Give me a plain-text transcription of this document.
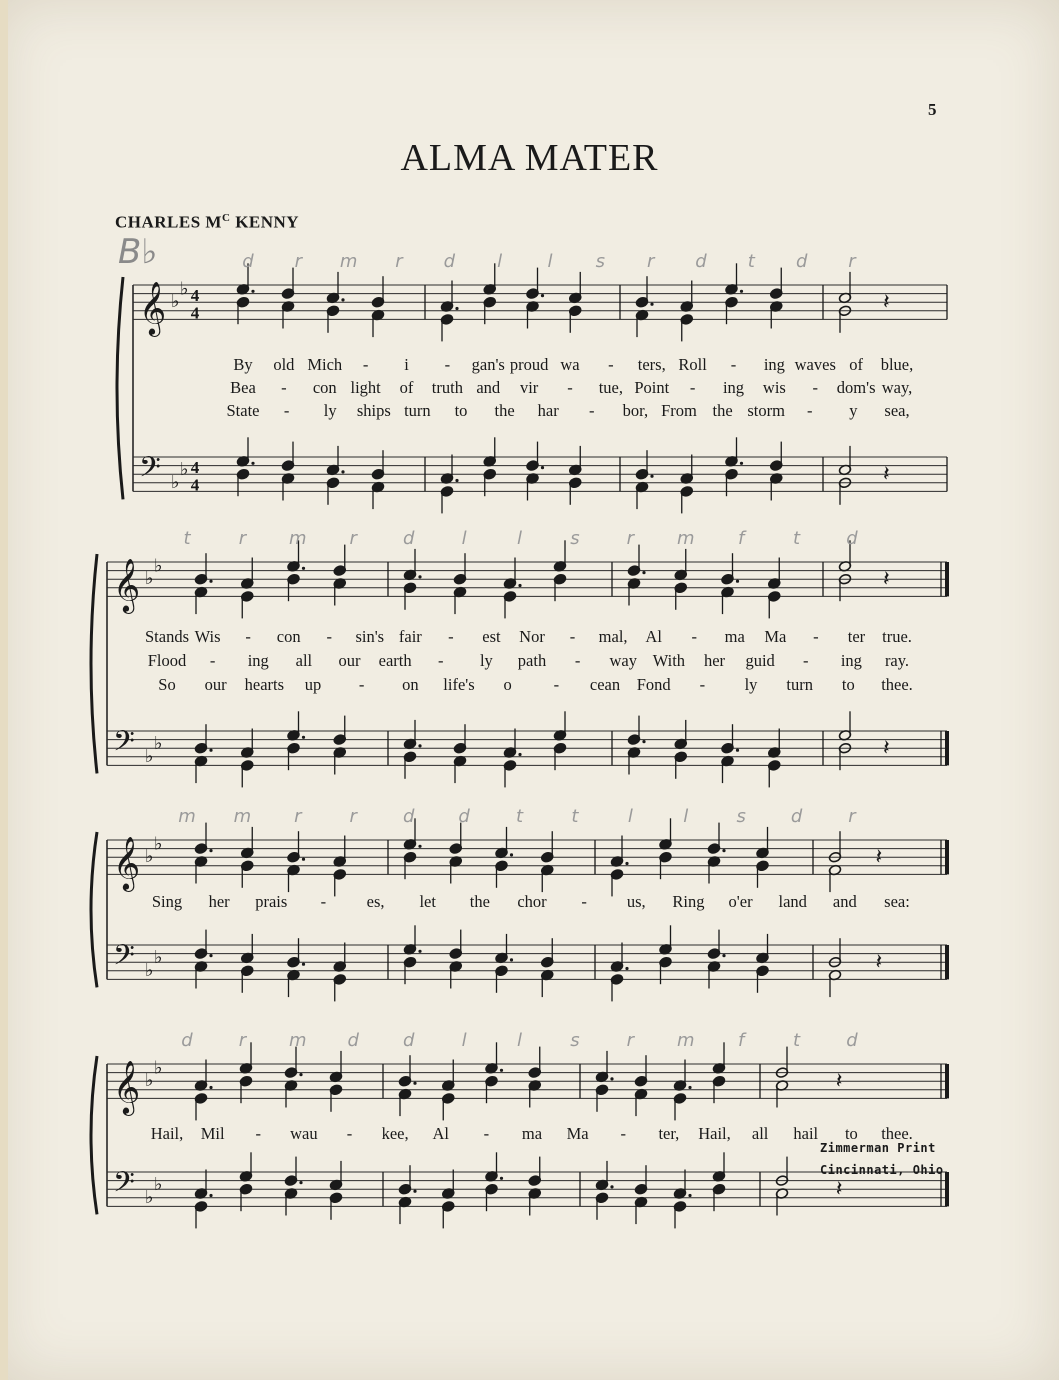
5
ALMA MATER
CHARLES $M^C$ KENNY
B♭
𝄞 ♭
♭ 4
4	𝄽
𝄢 ♭
♭ 4
4	𝄽
𝄞 ♭
♭
𝄽
𝄢 ♭
♭	𝄽
𝄞 ♭
♭
𝄽
𝄢 ♭
♭	𝄽
𝄞 ♭
♭
𝄽
𝄢 ♭
♭	𝄽
By old Mich - i - gan's proud wa - ters, Roll - ing waves of blue,
Bea - con light of truth and vir - tue, Point - ing wis - dom's way,
State - ly ships turn to the har - bor, From the storm - y sea,
Stands Wis - con - sin's fair - est Nor - mal, Al - ma Ma - ter true.
Flood - ing all our earth - ly path - way With her guid - ing ray.
So our hearts up - on life's o	- cean Fond - ly turn to thee.
Sing her prais - es, let the chor - us, Ring o'er land and sea:
Hail, Mil - wau - kee, Al - ma Ma - ter, Hail, all hail to thee.
d r m r d l	l s r d t d r
t	r m r	d	l	l	s	r m f	t	d
m m r	r	d d	t	t	l	l	s	d	r
d	r m d d	l	l	s	r m f	t	d
Zimmerman Print
Cincinnati, Ohio
